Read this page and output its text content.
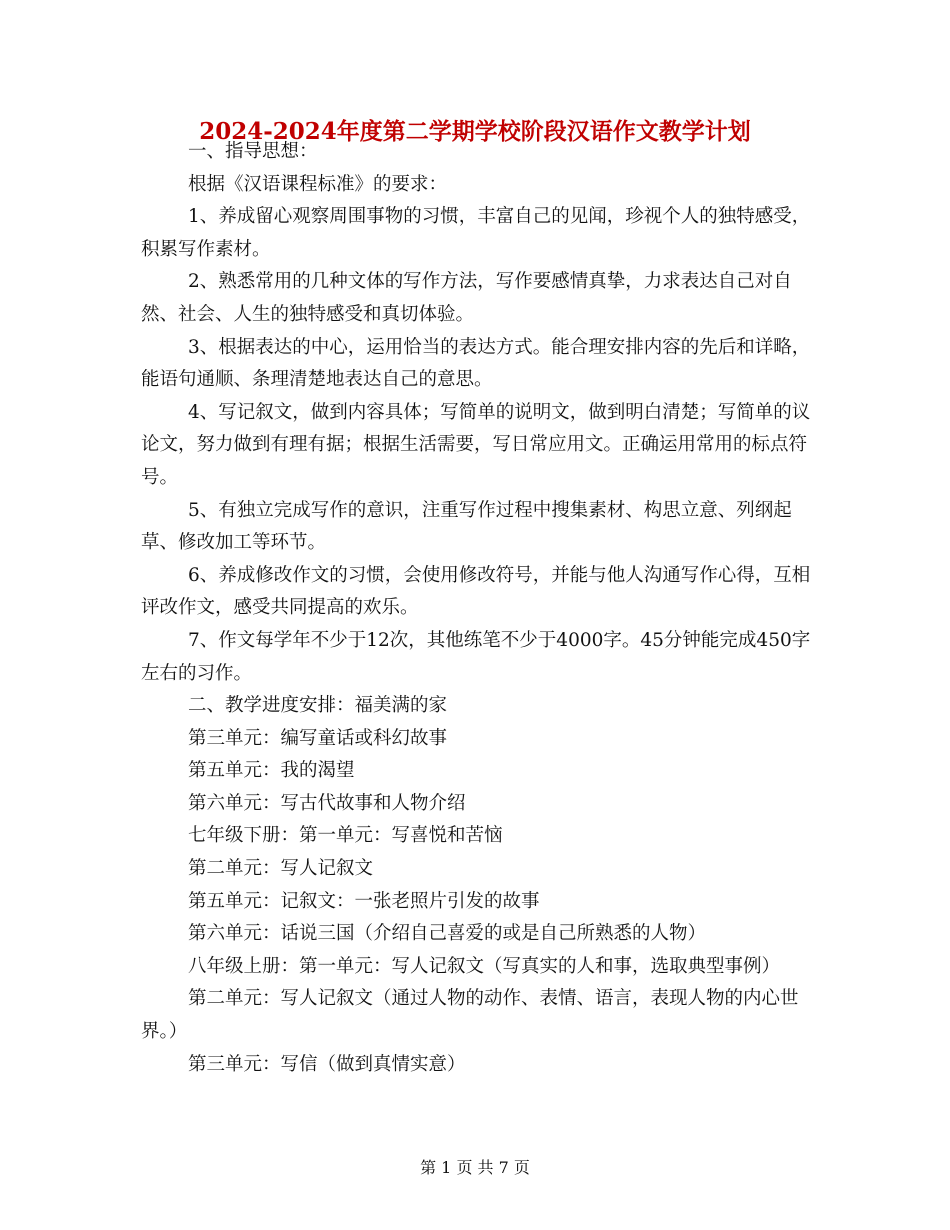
2024-2024年度第二学期学校阶段汉语作文教学计划

一、指导思想：

根据《汉语课程标准》的要求：

1、养成留心观察周围事物的习惯，丰富自己的见闻，珍视个人的独特感受，积累写作素材。

2、熟悉常用的几种文体的写作方法，写作要感情真挚，力求表达自己对自然、社会、人生的独特感受和真切体验。

3、根据表达的中心，运用恰当的表达方式。能合理安排内容的先后和详略，能语句通顺、条理清楚地表达自己的意思。

4、写记叙文，做到内容具体；写简单的说明文，做到明白清楚；写简单的议论文，努力做到有理有据；根据生活需要，写日常应用文。正确运用常用的标点符号。

5、有独立完成写作的意识，注重写作过程中搜集素材、构思立意、列纲起草、修改加工等环节。

6、养成修改作文的习惯，会使用修改符号，并能与他人沟通写作心得，互相评改作文，感受共同提高的欢乐。

7、作文每学年不少于12次，其他练笔不少于4000字。45分钟能完成450字左右的习作。

二、教学进度安排：福美满的家

第三单元：编写童话或科幻故事

第五单元：我的渴望

第六单元：写古代故事和人物介绍

七年级下册：第一单元：写喜悦和苦恼

第二单元：写人记叙文

第五单元：记叙文：一张老照片引发的故事

第六单元：话说三国（介绍自己喜爱的或是自己所熟悉的人物）

八年级上册：第一单元：写人记叙文（写真实的人和事，选取典型事例）

第二单元：写人记叙文（通过人物的动作、表情、语言，表现人物的内心世界。）

第三单元：写信（做到真情实意）

第 1 页 共 7 页
